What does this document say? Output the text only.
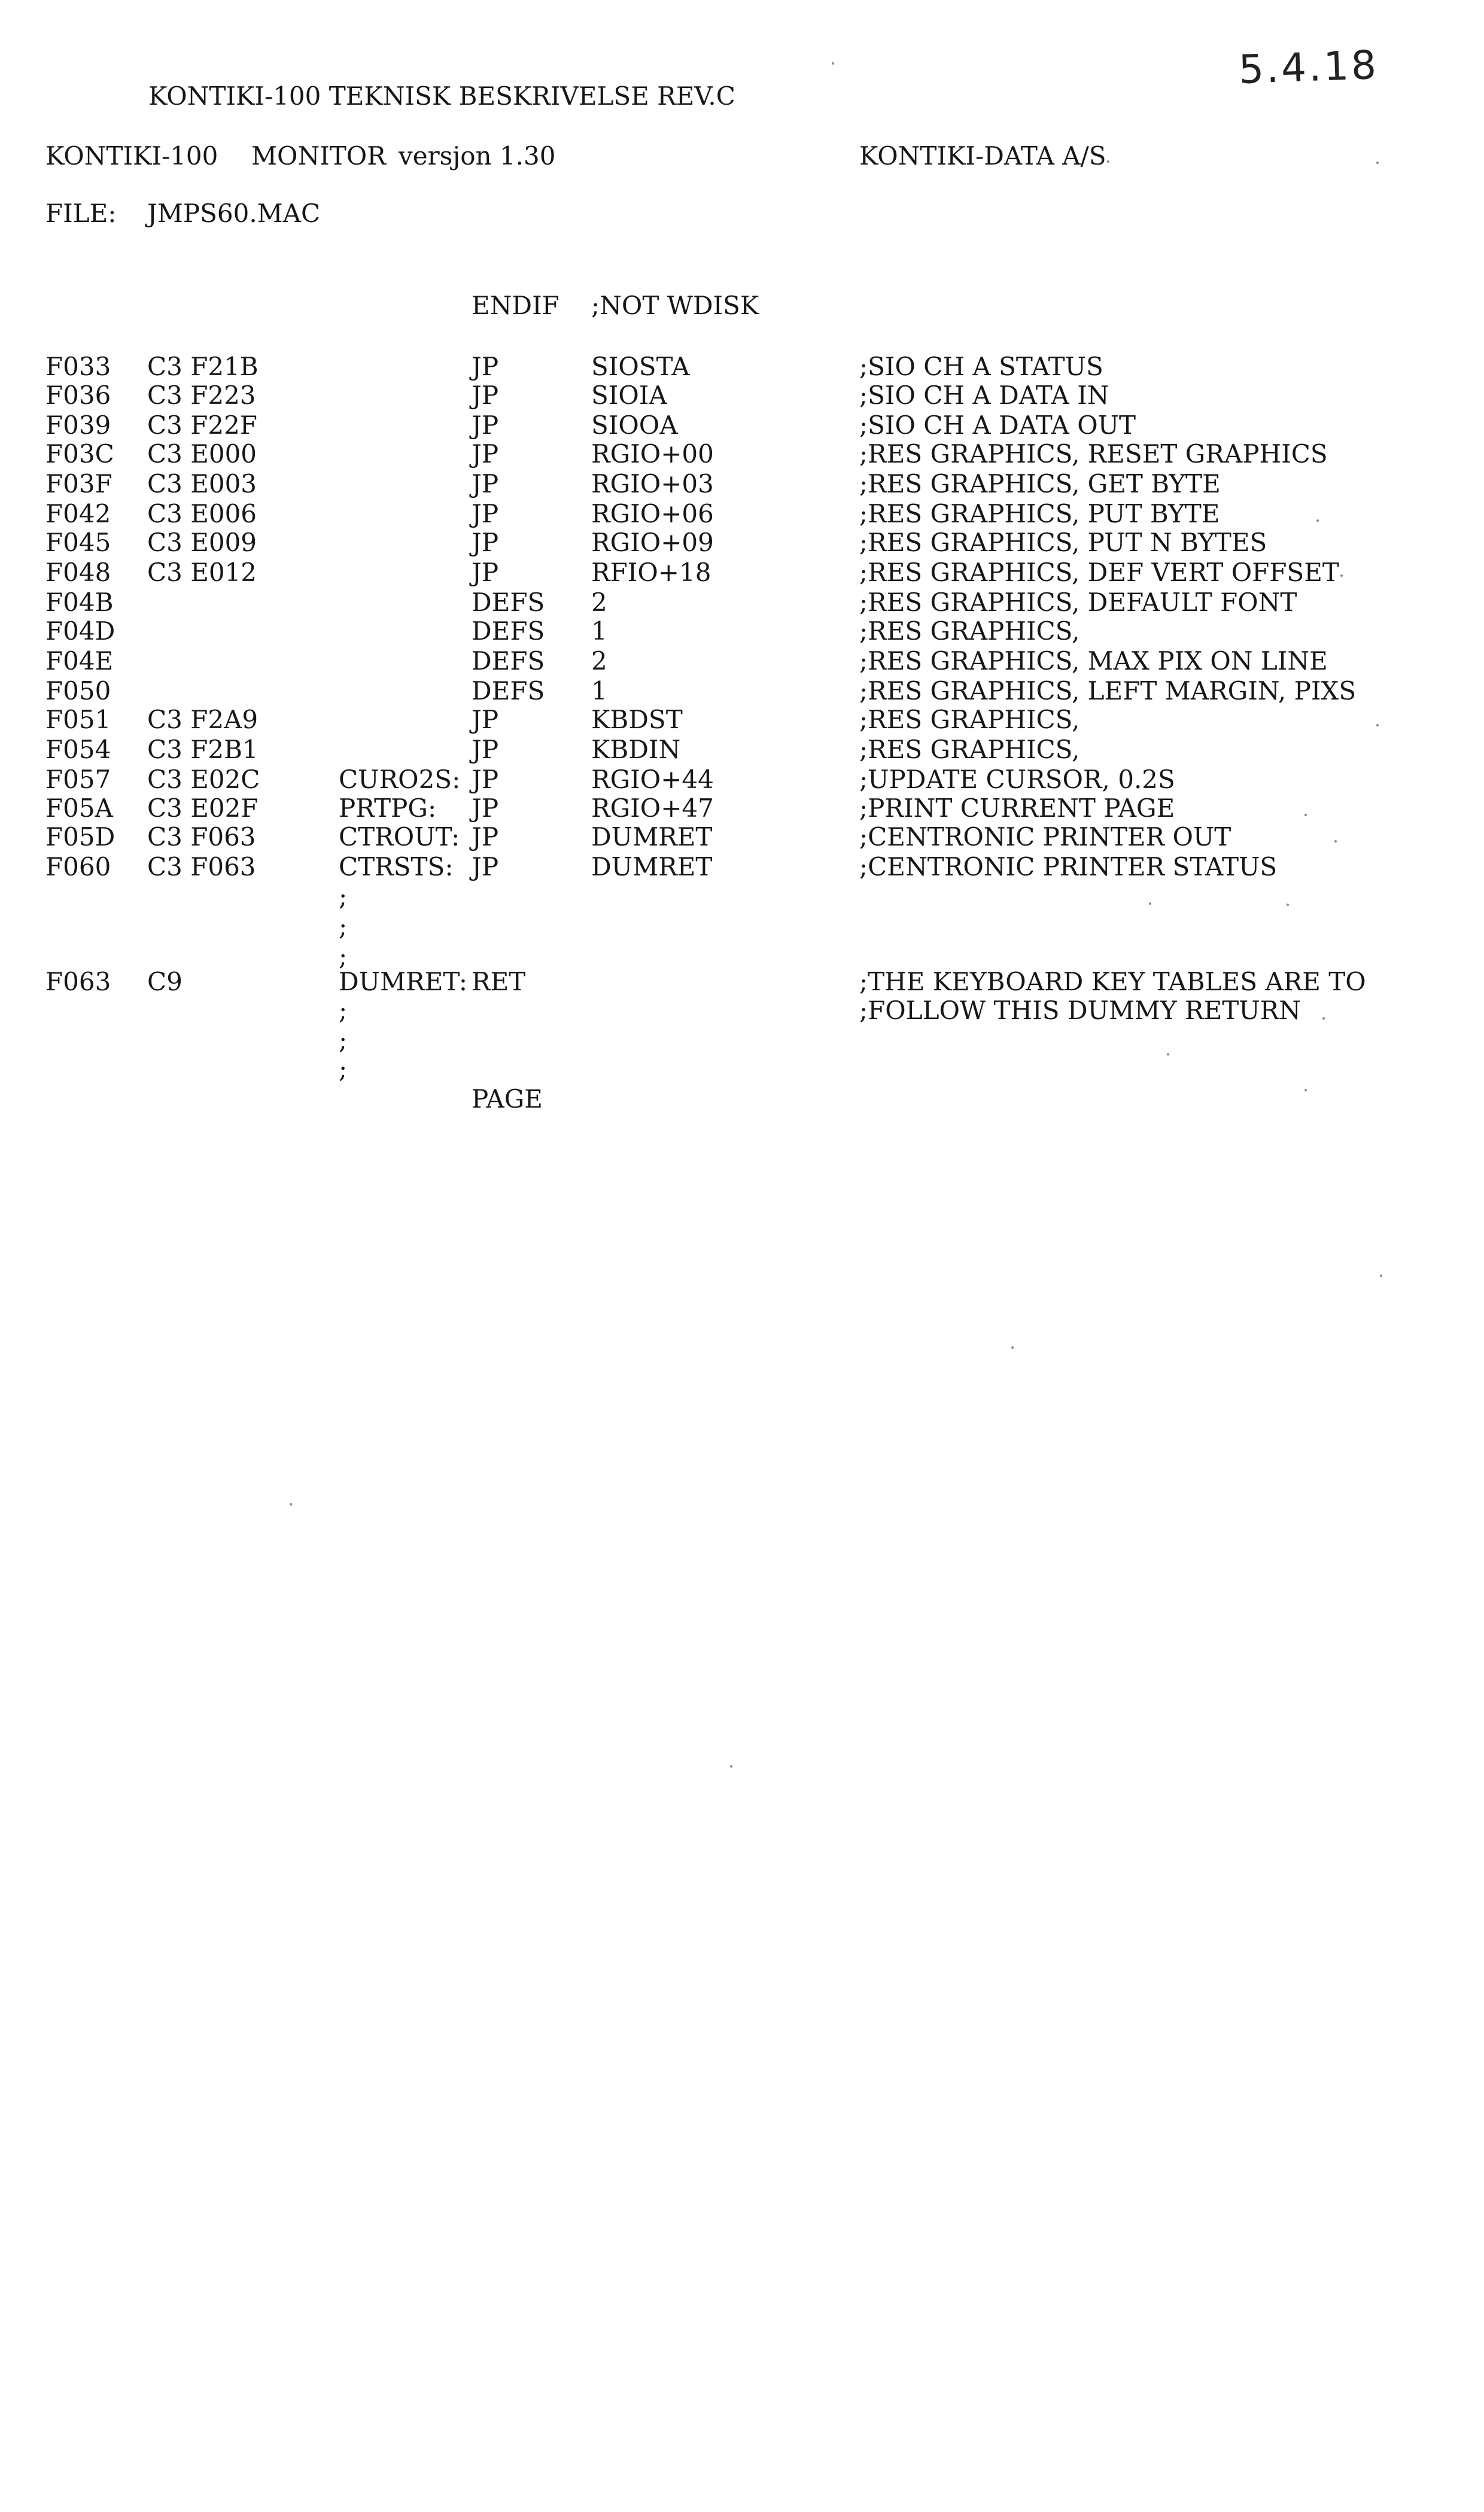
5.4.18
KONTIKI-100 TEKNISK BESKRIVELSE REV.C
KONTIKI-100 MONITOR versjon 1.30	KONTIKI-DATA A/S
FILE: JMPS60.MAC
ENDIF ;NOT WDISK
F033 C3 F21B	JP	SIOSTA	;SIO CH A STATUS
F036 C3 F223	JP	SIOIA	;SIO CH A DATA IN
F039 C3 F22F	JP	SIOOA	;SIO CH A DATA OUT
F03C C3 E000	JP	RGIO+00	;RES GRAPHICS, RESET GRAPHICS
F03F C3 E003	JP	RGIO+03	;RES GRAPHICS, GET BYTE
F042 C3 E006	JP	RGIO+06	;RES GRAPHICS, PUT BYTE
F045 C3 E009	JP	RGIO+09	;RES GRAPHICS, PUT N BYTES
F048 C3 E012	JP	RFIO+18	;RES GRAPHICS, DEF VERT OFFSET
F04B	DEFS 2	;RES GRAPHICS, DEFAULT FONT
F04D	DEFS 1	;RES GRAPHICS,
F04E	DEFS 2	;RES GRAPHICS, MAX PIX ON LINE
F050	DEFS 1	;RES GRAPHICS, LEFT MARGIN, PIXS
F051 C3 F2A9	JP	KBDST	;RES GRAPHICS,
F054 C3 F2B1	JP	KBDIN	;RES GRAPHICS,
F057 C3 E02C	CURO2S: JP	RGIO+44	;UPDATE CURSOR, 0.2S
F05A C3 E02F	PRTPG: JP	RGIO+47	;PRINT CURRENT PAGE
F05D C3 F063	CTROUT: JP	DUMRET	;CENTRONIC PRINTER OUT
F060 C3 F063	CTRSTS: JP	DUMRET	;CENTRONIC PRINTER STATUS
;
;
;
F063 C9	DUMRET: RET	;THE KEYBOARD KEY TABLES ARE TO
;	;FOLLOW THIS DUMMY RETURN
;
;
PAGE
